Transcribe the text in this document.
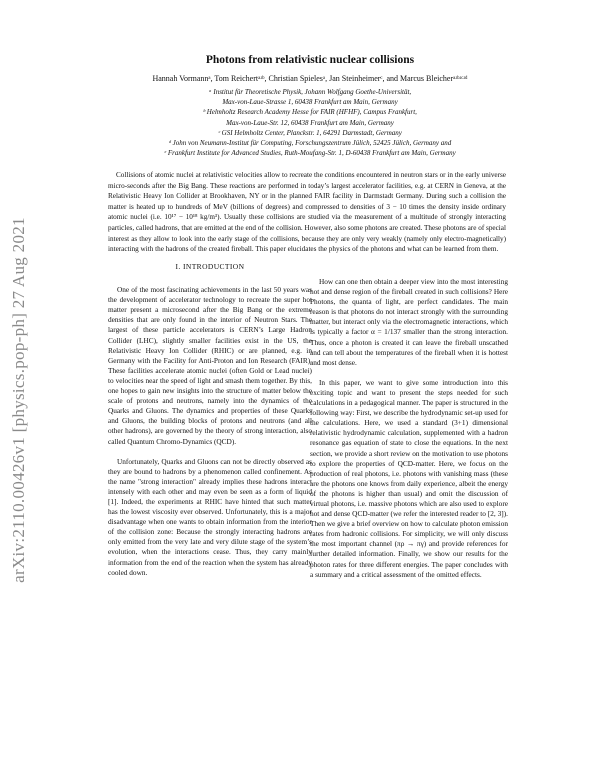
arXiv:2110.00426v1 [physics.pop-ph] 27 Aug 2021
Photons from relativistic nuclear collisions
Hannah Vormannᵃ, Tom Reichertᵃʴᵇ, Christian Spielesᵃ, Jan Steinheimerᶜ, and Marcus Bleicherᵃʴᵇʴᶜʴᵈ
ᵃ Institut für Theoretische Physik, Johann Wolfgang Goethe-Universität,
Max-von-Laue-Strasse 1, 60438 Frankfurt am Main, Germany
ᵇ Helmholtz Research Academy Hesse for FAIR (HFHF), Campus Frankfurt,
Max-von-Laue-Str. 12, 60438 Frankfurt am Main, Germany
ᶜ GSI Helmholtz Center, Planckstr. 1, 64291 Darmstadt, Germany
ᵈ John von Neumann-Institut für Computing, Forschungszentrum Jülich, 52425 Jülich, Germany and
ᵉ Frankfurt Institute for Advanced Studies, Ruth-Moufang-Str. 1, D-60438 Frankfurt am Main, Germany

Collisions of atomic nuclei at relativistic velocities allow to recreate the conditions encountered in neutron stars or in the early universe micro-seconds after the Big Bang. These reactions are performed in today’s largest accelerator facilities, e.g. at CERN in Geneva, at the Relativistic Heavy Ion Collider at Brookhaven, NY or in the planned FAIR facility in Darmstadt Germany. During such a collision the matter is heated up to hundreds of MeV (billions of degrees) and compressed to densities of 3 − 10 times the density inside ordinary atomic nuclei (i.e. 10¹⁷ − 10¹⁸ kg/m³). Usually these collisions are studied via the measurement of a multitude of strongly interacting particles, called hadrons, that are emitted at the end of the collision. However, also some photons are created. These photons are of special interest as they allow to look into the early stage of the collisions, because they are only very weakly (namely only electro-magnetically) interacting with the hadrons of the created fireball. This paper elucidates the physics of the photons and what can be learned from them.

I. INTRODUCTION

One of the most fascinating achievements in the last 50 years was the development of accelerator technology to recreate the super hot matter present a microsecond after the Big Bang or the extreme densities that are only found in the interior of Neutron Stars. The largest of these particle accelerators is CERN’s Large Hadron Collider (LHC), slightly smaller facilities exist in the US, the Relativistic Heavy Ion Collider (RHIC) or are planned, e.g. in Germany with the Facility for Anti-Proton and Ion Research (FAIR). These facilities accelerate atomic nuclei (often Gold or Lead nuclei) to velocities near the speed of light and smash them together. By this, one hopes to gain new insights into the structure of matter below the scale of protons and neutrons, namely into the dynamics of the Quarks and Gluons. The dynamics and properties of these Quarks and Gluons, the building blocks of protons and neutrons (and all other hadrons), are governed by the theory of strong interaction, also called Quantum Chromo-Dynamics (QCD).

Unfortunately, Quarks and Gluons can not be directly observed as they are bound to hadrons by a phenomenon called confinement. As the name "strong interaction" already implies these hadrons interact intensely with each other and may even be seen as a form of liquid [1]. Indeed, the experiments at RHIC have hinted that such matter has the lowest viscosity ever observed. Unfortunately, this is a major disadvantage when one wants to obtain information from the interior of the collision zone: Because the strongly interacting hadrons are only emitted from the very late and very dilute stage of the system’s evolution, when the interactions cease. Thus, they carry mainly information from the end of the reaction when the system has already cooled down.

How can one then obtain a deeper view into the most interesting hot and dense region of the fireball created in such collisions? Here Photons, the quanta of light, are perfect candidates. The main reason is that photons do not interact strongly with the surrounding matter, but interact only via the electromagnetic interactions, which is typically a factor α = 1/137 smaller than the strong interaction. Thus, once a photon is created it can leave the fireball unscathed and can tell about the temperatures of the fireball when it is hottest and most dense.

In this paper, we want to give some introduction into this exciting topic and want to present the steps needed for such calculations in a pedagogical manner. The paper is structured in the following way: First, we describe the hydrodynamic set-up used for the calculations. Here, we used a standard (3+1) dimensional relativistic hydrodynamic calculation, supplemented with a hadron resonance gas equation of state to close the equations. In the next section, we provide a short review on the motivation to use photons to explore the properties of QCD-matter. Here, we focus on the production of real photons, i.e. photons with vanishing mass (these are the photons one knows from daily experience, albeit the energy of the photons is higher than usual) and omit the discussion of virtual photons, i.e. massive photons which are also used to explore hot and dense QCD-matter (we refer the interested reader to [2, 3]). Then we give a brief overview on how to calculate photon emission rates from hadronic collisions. For simplicity, we will only discuss the most important channel (πρ → πγ) and provide references for further detailed information. Finally, we show our results for the photon rates for three different energies. The paper concludes with a summary and a critical assessment of the omitted effects.
